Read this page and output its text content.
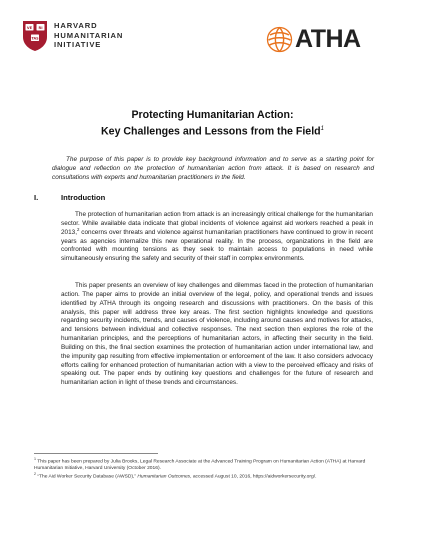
VE RI
TAS
HARVARD
HUMANITARIAN
INITIATIVE	ATHA
Protecting Humanitarian Action:
Key Challenges and Lessons from the Field$^1$

The purpose of this paper is to provide key background information and to serve as a starting point for dialogue and reflection on the protection of humanitarian action from attack. It is based on research and consultations with experts and humanitarian practitioners in the field.

I.	Introduction

The protection of humanitarian action from attack is an increasingly critical challenge for the humanitarian sector. While available data indicate that global incidents of violence against aid workers reached a peak in 2013,$^2$ concerns over threats and violence against humanitarian practitioners have continued to grow in recent years as agencies internalize this new operational reality. In the process, organizations in the field are confronted with mounting tensions as they seek to maintain access to populations in need while simultaneously ensuring the safety and security of their staff in complex environments.

This paper presents an overview of key challenges and dilemmas faced in the protection of humanitarian action. The paper aims to provide an initial overview of the legal, policy, and operational trends and issues identified by ATHA through its ongoing research and discussions with practitioners. On the basis of this analysis, this paper will address three key areas. The first section highlights knowledge and questions regarding security incidents, trends, and causes of violence, including around causes and motives for attacks, and tensions between individual and collective responses. The next section then explores the role of the humanitarian principles, and the perceptions of humanitarian actors, in affecting their security in the field. Building on this, the final section examines the protection of humanitarian action under international law, and the impunity gap resulting from effective implementation or enforcement of the law. It also considers advocacy efforts calling for enhanced protection of humanitarian action with a view to the perceived efficacy and risks of speaking out. The paper ends by outlining key questions and challenges for the future of research and humanitarian action in light of these trends and circumstances.

$^1$ This paper has been prepared by Julia Brooks, Legal Research Associate at the Advanced Training Program on Humanitarian Action (ATHA) at Harvard Humanitarian Initiative, Harvard University (October 2016).

$^2$ “The Aid Worker Security Database (AWSD),” Humanitarian Outcomes, accessed August 10, 2016, https://aidworkersecurity.org/.
